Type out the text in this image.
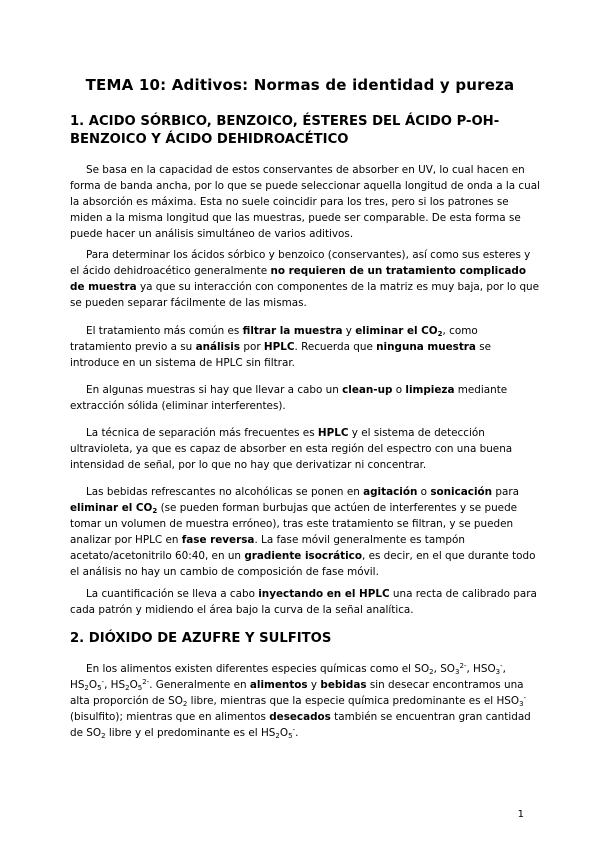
TEMA 10: Aditivos: Normas de identidad y pureza
1. ACIDO SÓRBICO, BENZOICO, ÉSTERES DEL ÁCIDO P-OH-BENZOICO Y ÁCIDO DEHIDROACÉTICO

Se basa en la capacidad de estos conservantes de absorber en UV, lo cual hacen en forma de banda ancha, por lo que se puede seleccionar aquella longitud de onda a la cual la absorción es máxima. Esta no suele coincidir para los tres, pero si los patrones se miden a la misma longitud que las muestras, puede ser comparable. De esta forma se puede hacer un análisis simultáneo de varios aditivos.

Para determinar los ácidos sórbico y benzoico (conservantes), así como sus esteres y el ácido dehidroacético generalmente no requieren de un tratamiento complicado de muestra ya que su interacción con componentes de la matriz es muy baja, por lo que se pueden separar fácilmente de las mismas.

El tratamiento más común es filtrar la muestra y eliminar el $CO_2$, como tratamiento previo a su análisis por HPLC. Recuerda que ninguna muestra se introduce en un sistema de HPLC sin filtrar.

En algunas muestras si hay que llevar a cabo un clean-up o limpieza mediante extracción sólida (eliminar interferentes).

La técnica de separación más frecuentes es HPLC y el sistema de detección ultravioleta, ya que es capaz de absorber en esta región del espectro con una buena intensidad de señal, por lo que no hay que derivatizar ni concentrar.

Las bebidas refrescantes no alcohólicas se ponen en agitación o sonicación para eliminar el $CO_2$ (se pueden forman burbujas que actúen de interferentes y se puede tomar un volumen de muestra erróneo), tras este tratamiento se filtran, y se pueden analizar por HPLC en fase reversa. La fase móvil generalmente es tampón acetato/acetonitrilo 60:40, en un gradiente isocrático, es decir, en el que durante todo el análisis no hay un cambio de composición de fase móvil.

La cuantificación se lleva a cabo inyectando en el HPLC una recta de calibrado para cada patrón y midiendo el área bajo la curva de la señal analítica.

2. DIÓXIDO DE AZUFRE Y SULFITOS

En los alimentos existen diferentes especies químicas como el $SO_2$, $SO_3^{2-}$, $HSO_3^-$, $HS_2O_5^-$, $HS_2O_5^{2-}$. Generalmente en alimentos y bebidas sin desecar encontramos una alta proporción de $SO_2$ libre, mientras que la especie química predominante es el $HSO_3^-$ (bisulfito); mientras que en alimentos desecados también se encuentran gran cantidad de $SO_2$ libre y el predominante es el $HS_2O_5^-$.

1
